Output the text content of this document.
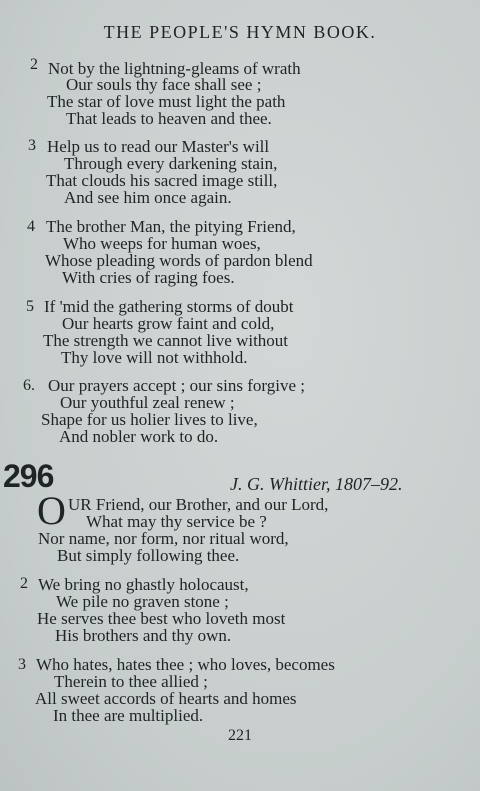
THE PEOPLE'S HYMN BOOK.
2 Not by the lightning-gleams of wrath
Our souls thy face shall see ;
The star of love must light the path
That leads to heaven and thee.
3 Help us to read our Master's will
Through every darkening stain,
That clouds his sacred image still,
And see him once again.
4 The brother Man, the pitying Friend,
Who weeps for human woes,
Whose pleading words of pardon blend
With cries of raging foes.
5 If 'mid the gathering storms of doubt
Our hearts grow faint and cold,
The strength we cannot live without
Thy love will not withhold.
6. Our prayers accept ; our sins forgive ;
Our youthful zeal renew ;
Shape for us holier lives to live,
And nobler work to do.
296	J. G. Whittier, 1807–92.
O UR Friend, our Brother, and our Lord,
What may thy service be ?
Nor name, nor form, nor ritual word,
But simply following thee.
2 We bring no ghastly holocaust,
We pile no graven stone ;
He serves thee best who loveth most
His brothers and thy own.
3 Who hates, hates thee ; who loves, becomes
Therein to thee allied ;
All sweet accords of hearts and homes
In thee are multiplied.
221
